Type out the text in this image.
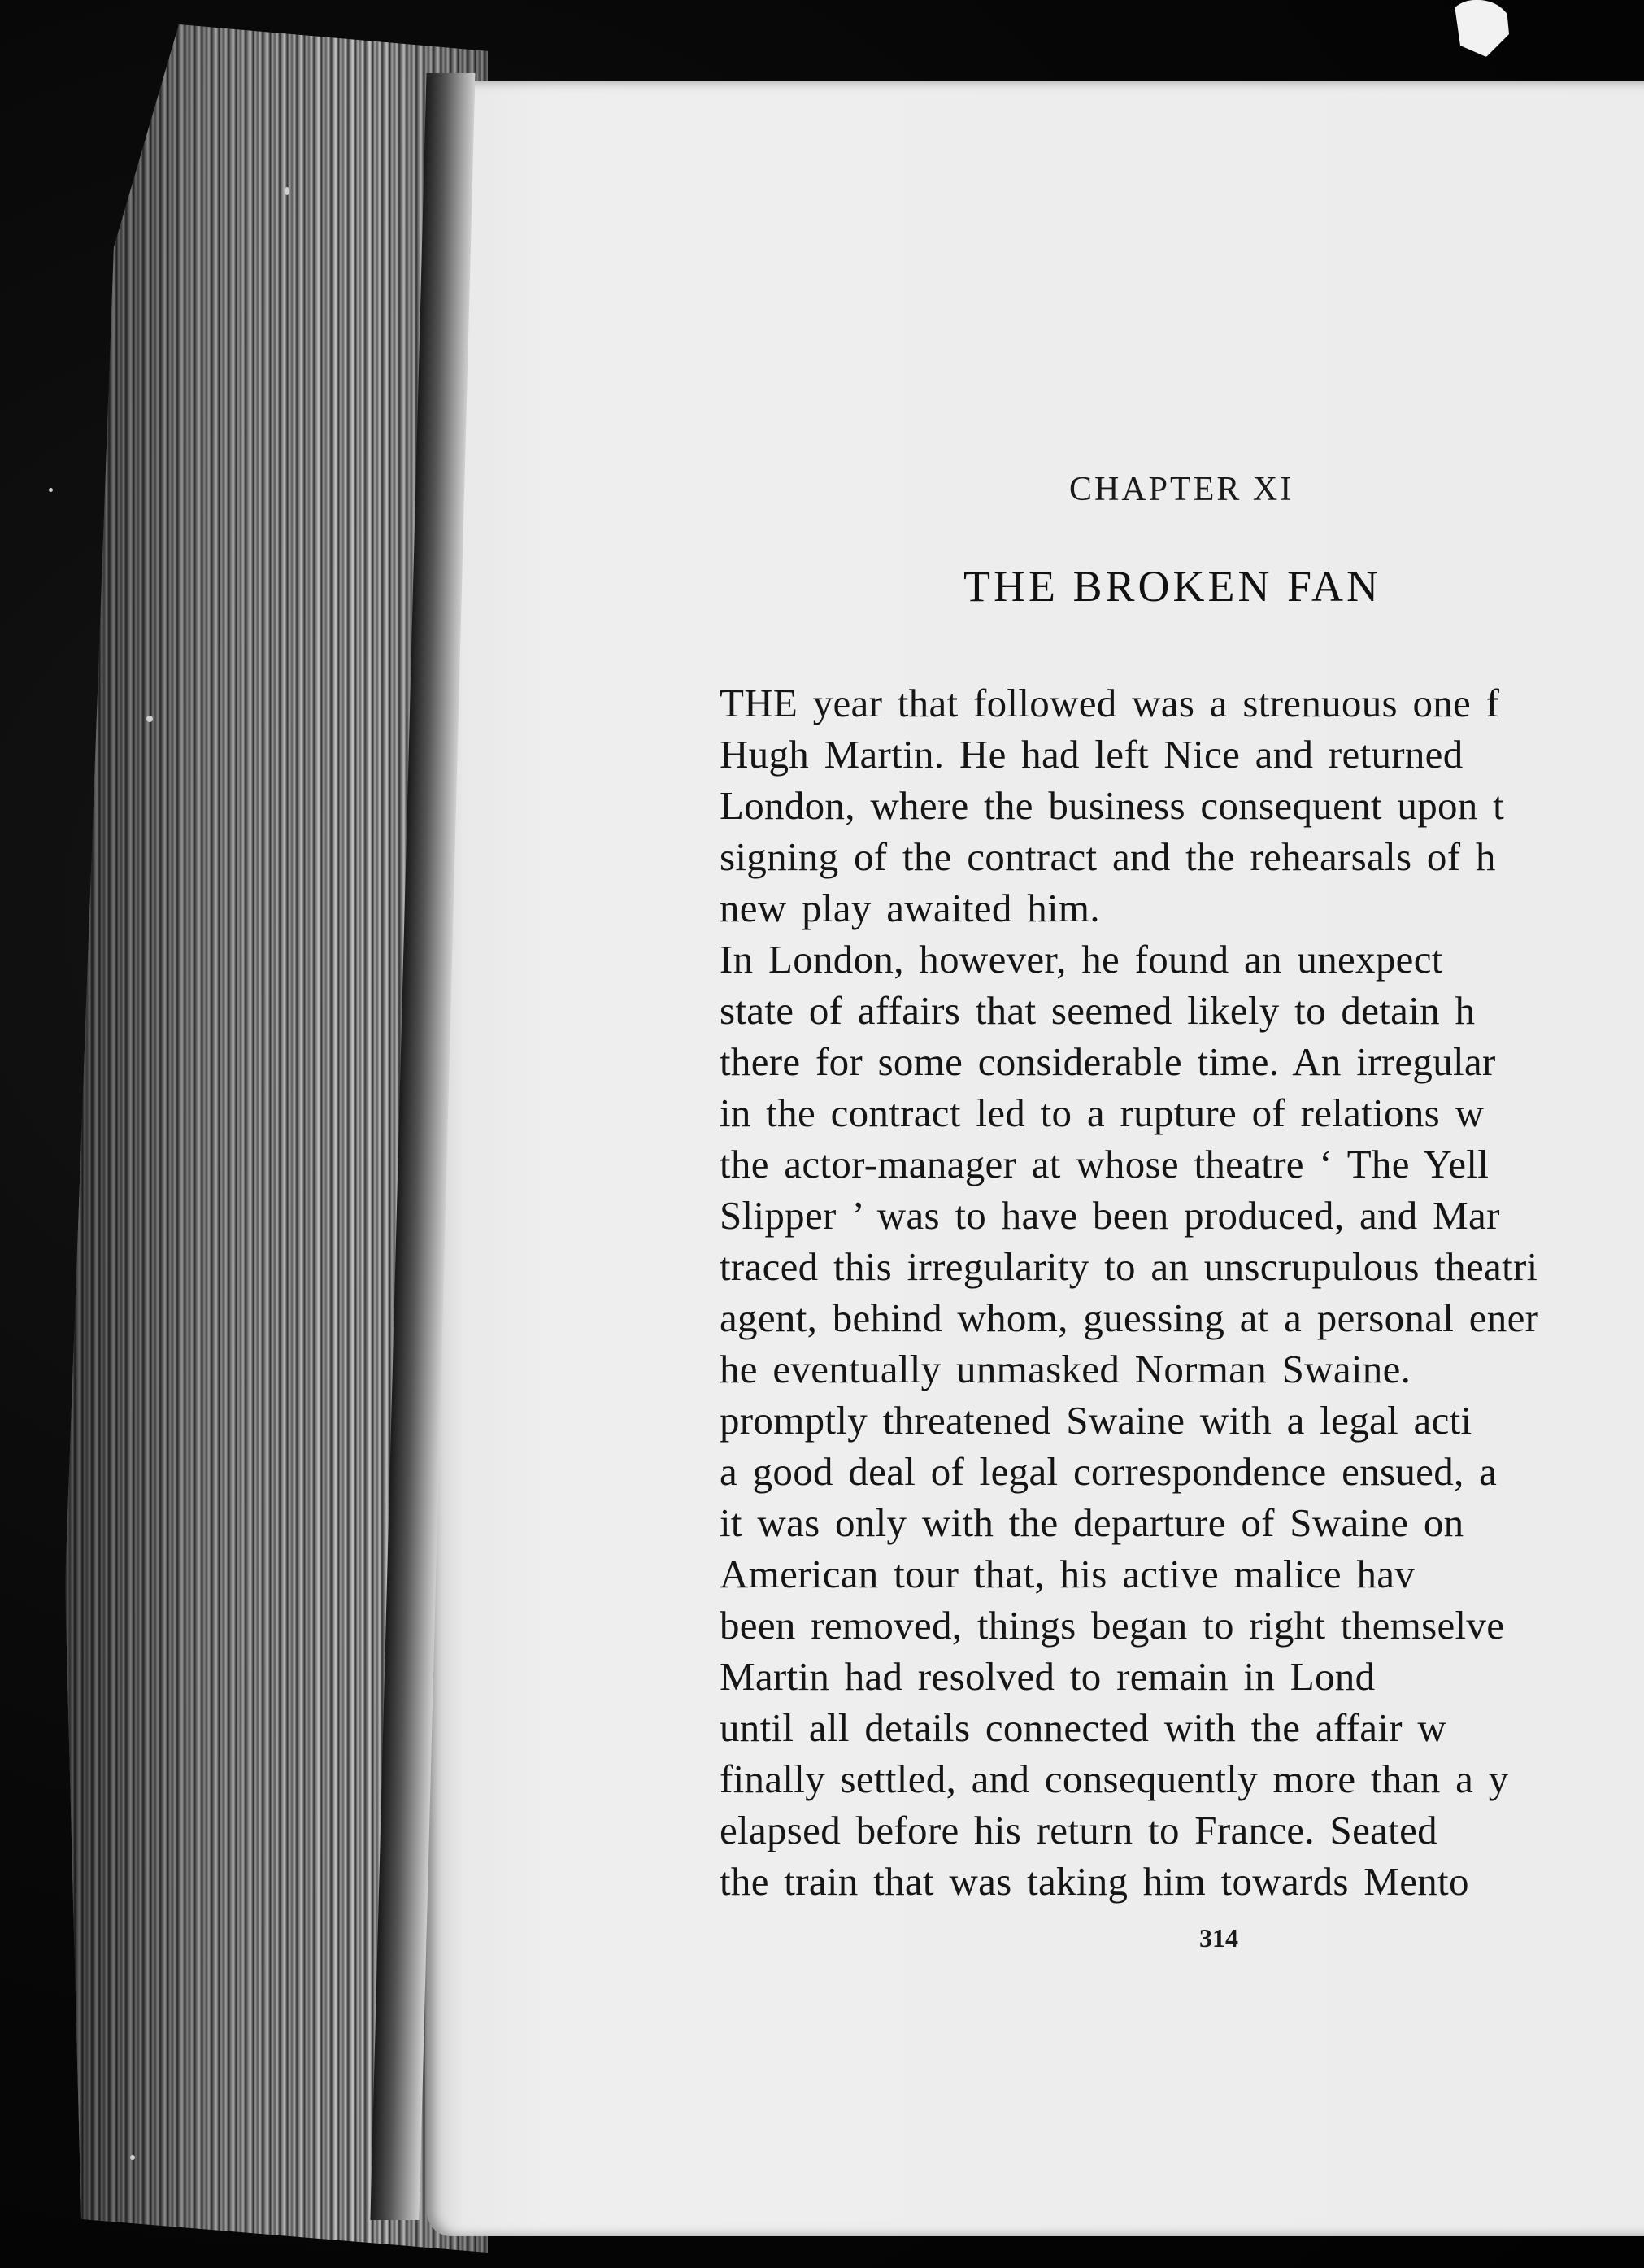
CHAPTER XI
THE BROKEN FAN
THE year that followed was a strenuous one f
Hugh Martin. He had left Nice and returned
London, where the business consequent upon t
signing of the contract and the rehearsals of h
new play awaited him.
In London, however, he found an unexpect
state of affairs that seemed likely to detain h
there for some considerable time. An irregular
in the contract led to a rupture of relations w
the actor-manager at whose theatre ‘ The Yell
Slipper ’ was to have been produced, and Mar
traced this irregularity to an unscrupulous theatri
agent, behind whom, guessing at a personal ener
he eventually unmasked Norman Swaine.
promptly threatened Swaine with a legal acti
a good deal of legal correspondence ensued, a
it was only with the departure of Swaine on
American tour that, his active malice hav
been removed, things began to right themselve
Martin had resolved to remain in Lond
until all details connected with the affair w
finally settled, and consequently more than a y
elapsed before his return to France. Seated
the train that was taking him towards Mento
314
